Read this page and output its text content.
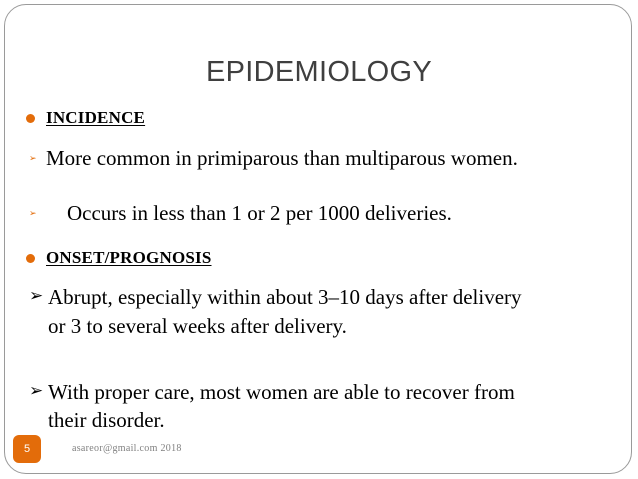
EPIDEMIOLOGY
INCIDENCE
➢ More common in primiparous than multiparous women.
➢ Occurs in less than 1 or 2 per 1000 deliveries.
ONSET/PROGNOSIS
➢ Abrupt, especially within about 3–10 days after delivery
or 3 to several weeks after delivery.
➢ With proper care, most women are able to recover from
their disorder.
5	asareor@gmail.com 2018
